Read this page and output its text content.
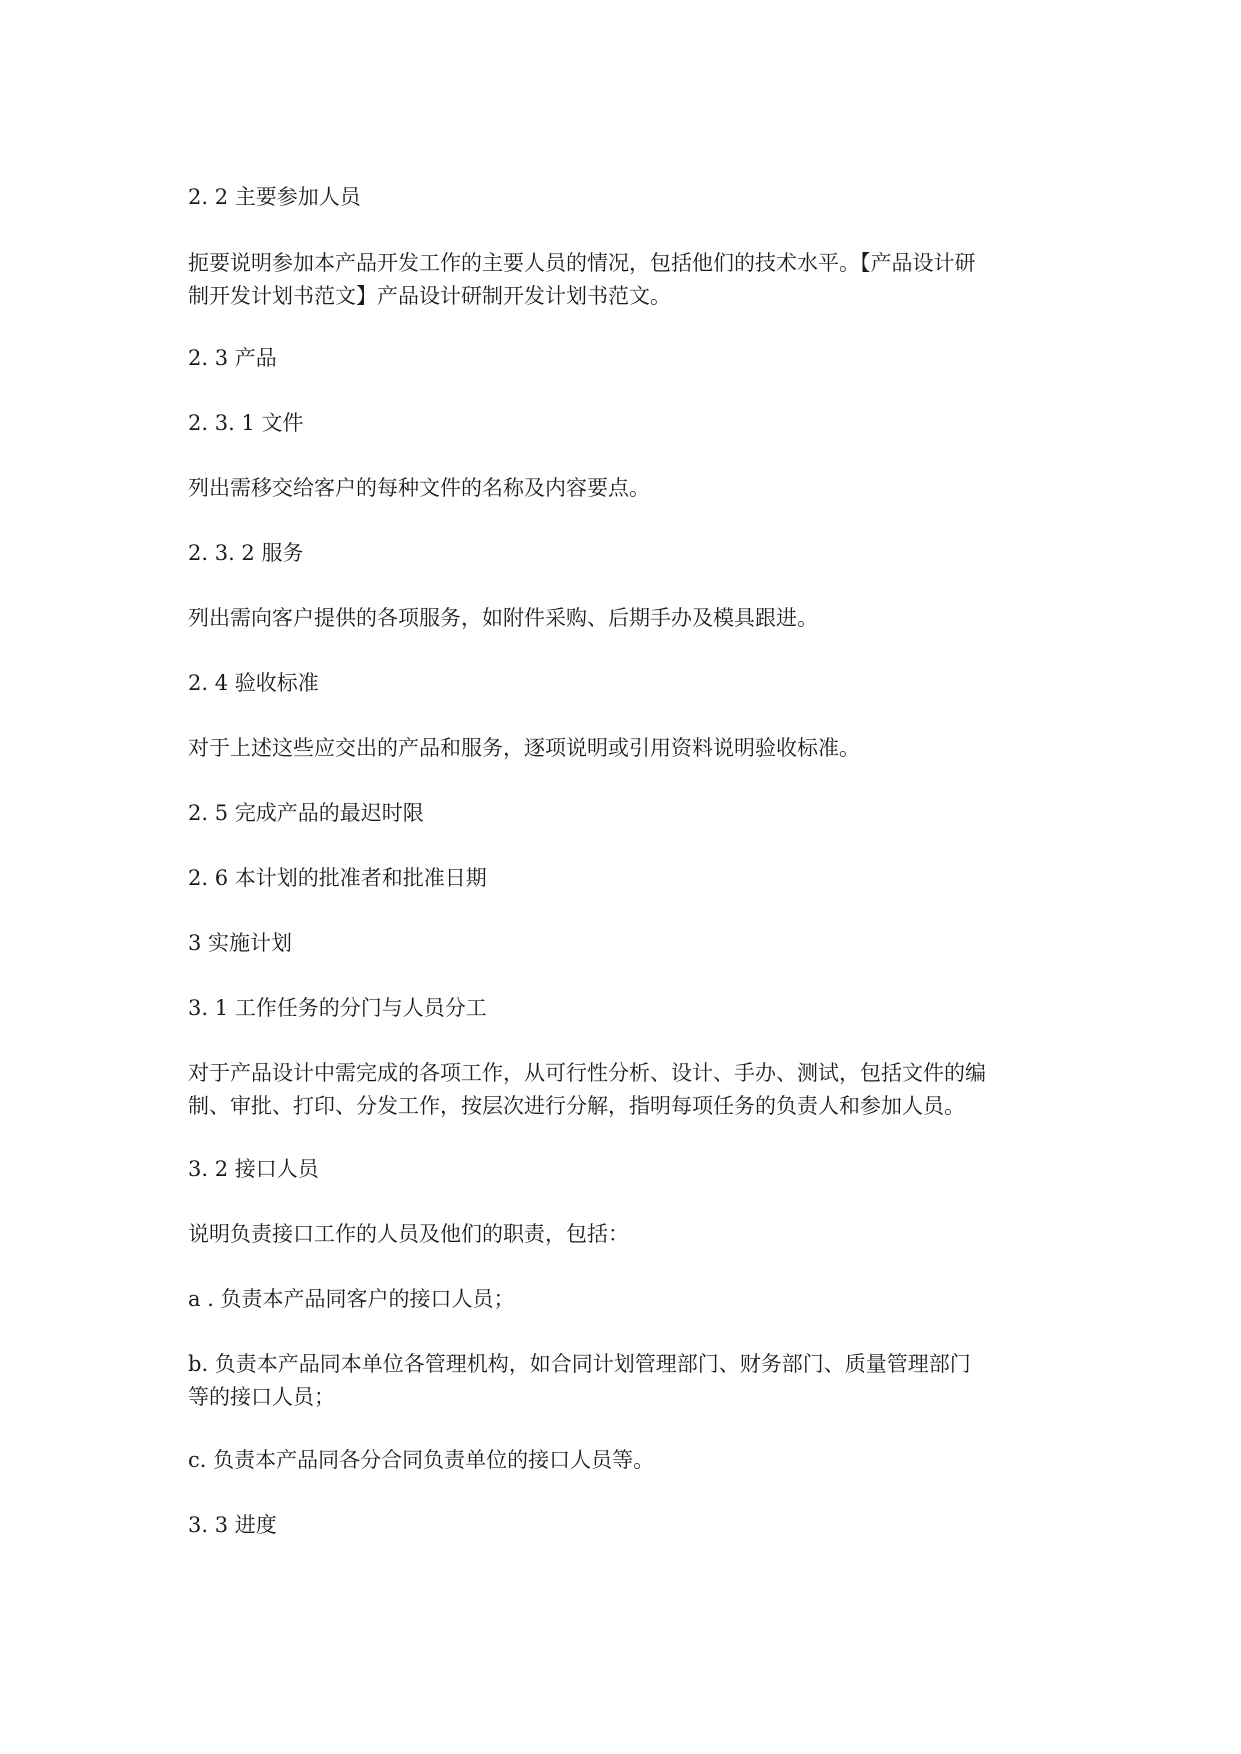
2. 2 主要参加人员
扼要说明参加本产品开发工作的主要人员的情况，包括他们的技术水平。【产品设计研
制开发计划书范文】产品设计研制开发计划书范文。
2. 3 产品
2. 3. 1 文件
列出需移交给客户的每种文件的名称及内容要点。
2. 3. 2 服务
列出需向客户提供的各项服务，如附件采购、后期手办及模具跟进。
2. 4 验收标准
对于上述这些应交出的产品和服务，逐项说明或引用资料说明验收标准。
2. 5 完成产品的最迟时限
2. 6 本计划的批准者和批准日期
3 实施计划
3. 1 工作任务的分门与人员分工
对于产品设计中需完成的各项工作，从可行性分析、设计、手办、测试，包括文件的编
制、审批、打印、分发工作，按层次进行分解，指明每项任务的负责人和参加人员。
3. 2 接口人员
说明负责接口工作的人员及他们的职责，包括：
a . 负责本产品同客户的接口人员；
b. 负责本产品同本单位各管理机构，如合同计划管理部门、财务部门、质量管理部门
等的接口人员；
c. 负责本产品同各分合同负责单位的接口人员等。
3. 3 进度
